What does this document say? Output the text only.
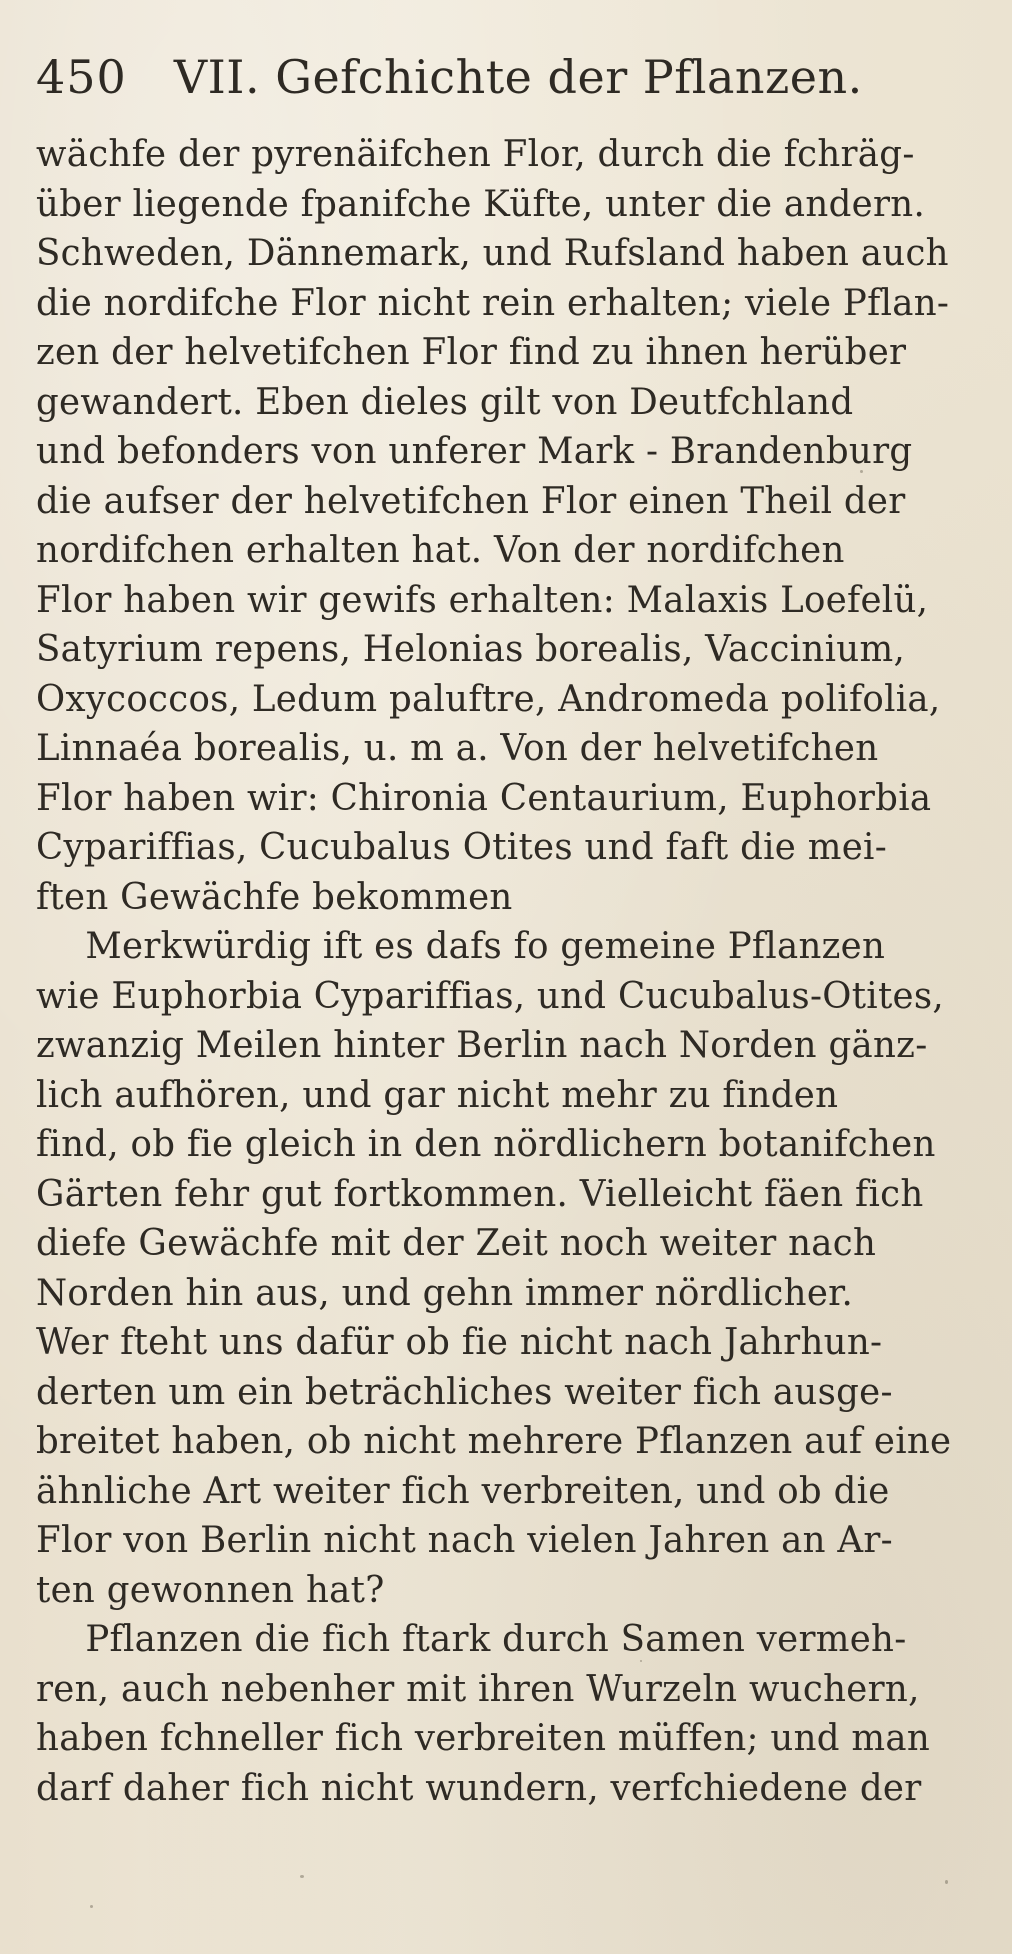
450 VII. Gefchichte der Pflanzen.
wächfe der pyrenäifchen Flor, durch die fchräg-
über liegende fpanifche Küfte, unter die andern.
Schweden, Dännemark, und Rufsland haben auch
die nordifche Flor nicht rein erhalten; viele Pflan-
zen der helvetifchen Flor find zu ihnen herüber
gewandert. Eben dieles gilt von Deutfchland
und befonders von unferer Mark - Brandenburg
die aufser der helvetifchen Flor einen Theil der
nordifchen erhalten hat. Von der nordifchen
Flor haben wir gewifs erhalten: Malaxis Loefelü,
Satyrium repens, Helonias borealis, Vaccinium,
Oxycoccos, Ledum paluftre, Andromeda polifolia,
Linnaéa borealis, u. m a. Von der helvetifchen
Flor haben wir: Chironia Centaurium, Euphorbia
Cypariffias, Cucubalus Otites und faft die mei-
ften Gewächfe bekommen
Merkwürdig ift es dafs fo gemeine Pflanzen
wie Euphorbia Cypariffias, und Cucubalus-Otites,
zwanzig Meilen hinter Berlin nach Norden gänz-
lich aufhören, und gar nicht mehr zu finden
find, ob fie gleich in den nördlichern botanifchen
Gärten fehr gut fortkommen. Vielleicht fäen fich
diefe Gewächfe mit der Zeit noch weiter nach
Norden hin aus, und gehn immer nördlicher.
Wer fteht uns dafür ob fie nicht nach Jahrhun-
derten um ein beträchliches weiter fich ausge-
breitet haben, ob nicht mehrere Pflanzen auf eine
ähnliche Art weiter fich verbreiten, und ob die
Flor von Berlin nicht nach vielen Jahren an Ar-
ten gewonnen hat?
Pflanzen die fich ftark durch Samen vermeh-
ren, auch nebenher mit ihren Wurzeln wuchern,
haben fchneller fich verbreiten müffen; und man
darf daher fich nicht wundern, verfchiedene der
